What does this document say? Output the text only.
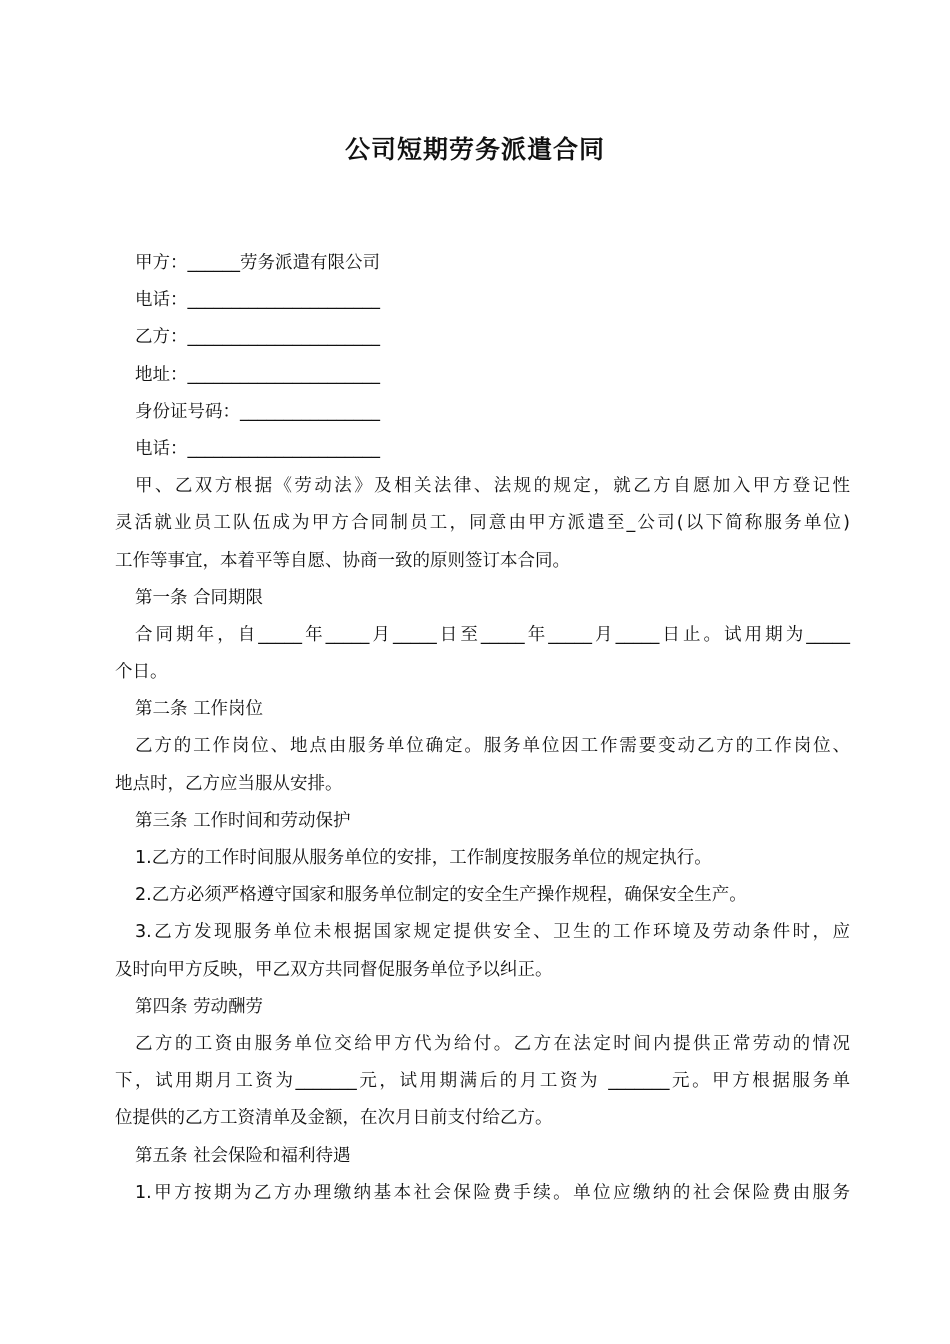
公司短期劳务派遣合同
甲方：______劳务派遣有限公司
电话：______________________
乙方：______________________
地址：______________________
身份证号码：________________
电话：______________________
甲、乙双方根据《劳动法》及相关法律、法规的规定，就乙方自愿加入甲方登记性
灵活就业员工队伍成为甲方合同制员工，同意由甲方派遣至_公司(以下简称服务单位)
工作等事宜，本着平等自愿、协商一致的原则签订本合同。
第一条 合同期限
合同期年，自_____年_____月_____日至_____年_____月_____日止。试用期为_____
个日。
第二条 工作岗位
乙方的工作岗位、地点由服务单位确定。服务单位因工作需要变动乙方的工作岗位、
地点时，乙方应当服从安排。
第三条 工作时间和劳动保护
1.乙方的工作时间服从服务单位的安排，工作制度按服务单位的规定执行。
2.乙方必须严格遵守国家和服务单位制定的安全生产操作规程，确保安全生产。
3.乙方发现服务单位未根据国家规定提供安全、卫生的工作环境及劳动条件时，应
及时向甲方反映，甲乙双方共同督促服务单位予以纠正。
第四条 劳动酬劳
乙方的工资由服务单位交给甲方代为给付。乙方在法定时间内提供正常劳动的情况
下，试用期月工资为_______元，试用期满后的月工资为 _______元。甲方根据服务单
位提供的乙方工资清单及金额，在次月日前支付给乙方。
第五条 社会保险和福利待遇
1.甲方按期为乙方办理缴纳基本社会保险费手续。单位应缴纳的社会保险费由服务
